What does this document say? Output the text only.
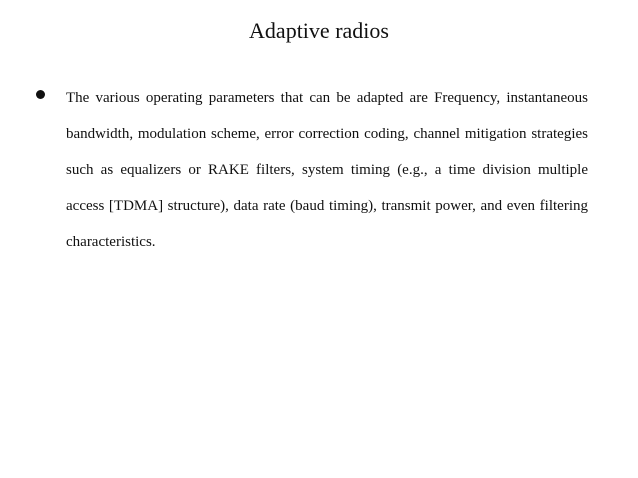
Adaptive radios
The various operating parameters that can be adapted are Frequency, instantaneous bandwidth, modulation scheme, error correction coding, channel mitigation strategies such as equalizers or RAKE filters, system timing (e.g., a time division multiple access [TDMA] structure), data rate (baud timing), transmit power, and even filtering characteristics.
